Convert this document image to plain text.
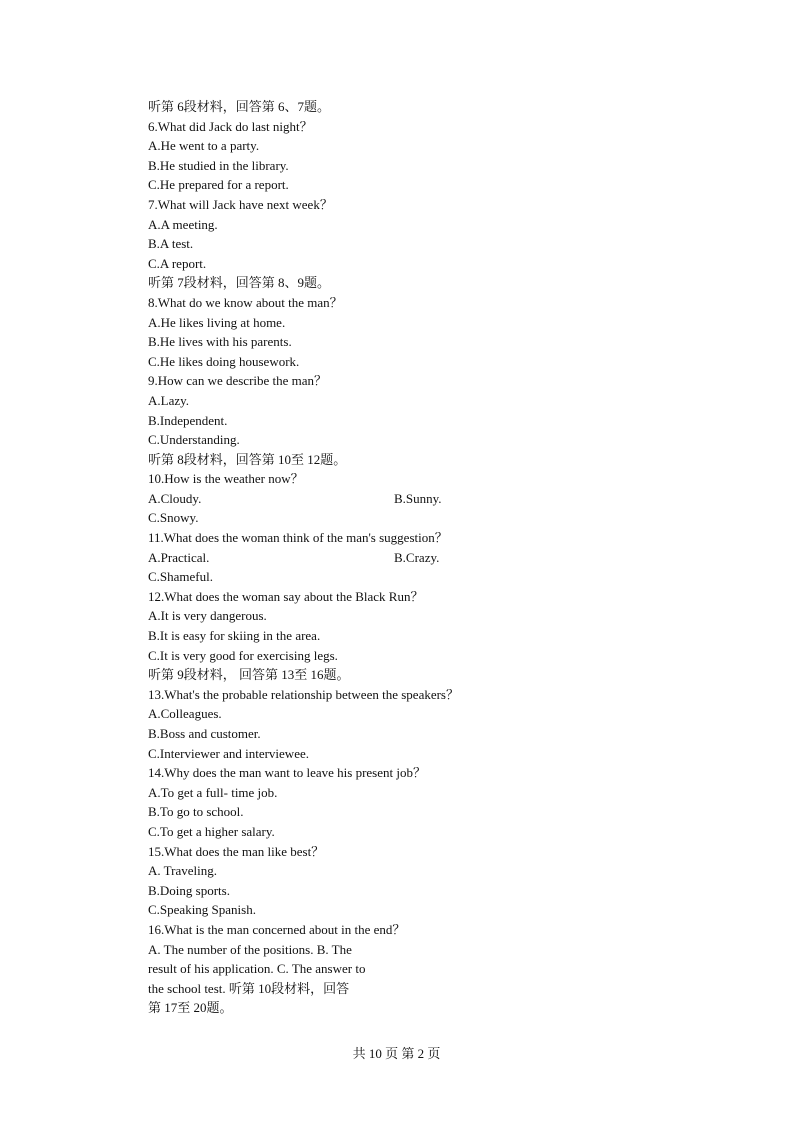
听第 6段材料，回答第 6、7题。
6.What did Jack do last night？
A.He went to a party.
B.He studied in the library.
C.He prepared for a report.
7.What will Jack have next week？
A.A meeting.
B.A test.
C.A report.
听第 7段材料，回答第 8、9题。
8.What do we know about the man？
A.He likes living at home.
B.He lives with his parents.
C.He likes doing housework.
9.How can we describe the man？
A.Lazy.
B.Independent.
C.Understanding.
听第 8段材料，回答第 10至 12题。
10.How is the weather now？
A.Cloudy.	B.Sunny.
C.Snowy.
11.What does the woman think of the man's suggestion？
A.Practical.	B.Crazy.
C.Shameful.
12.What does the woman say about the Black Run？
A.It is very dangerous.
B.It is easy for skiing in the area.
C.It is very good for exercising legs.
听第 9段材料， 回答第 13至 16题。
13.What's the probable relationship between the speakers？
A.Colleagues.
B.Boss and customer.
C.Interviewer and interviewee.
14.Why does the man want to leave his present job？
A.To get a full- time job.
B.To go to school.
C.To get a higher salary.
15.What does the man like best？
A. Traveling.
B.Doing sports.
C.Speaking Spanish.
16.What is the man concerned about in the end？
A. The number of the positions. B. The
result of his application. C. The answer to
the school test. 听第 10段材料，回答
第 17至 20题。
共 10 页 第 2 页
